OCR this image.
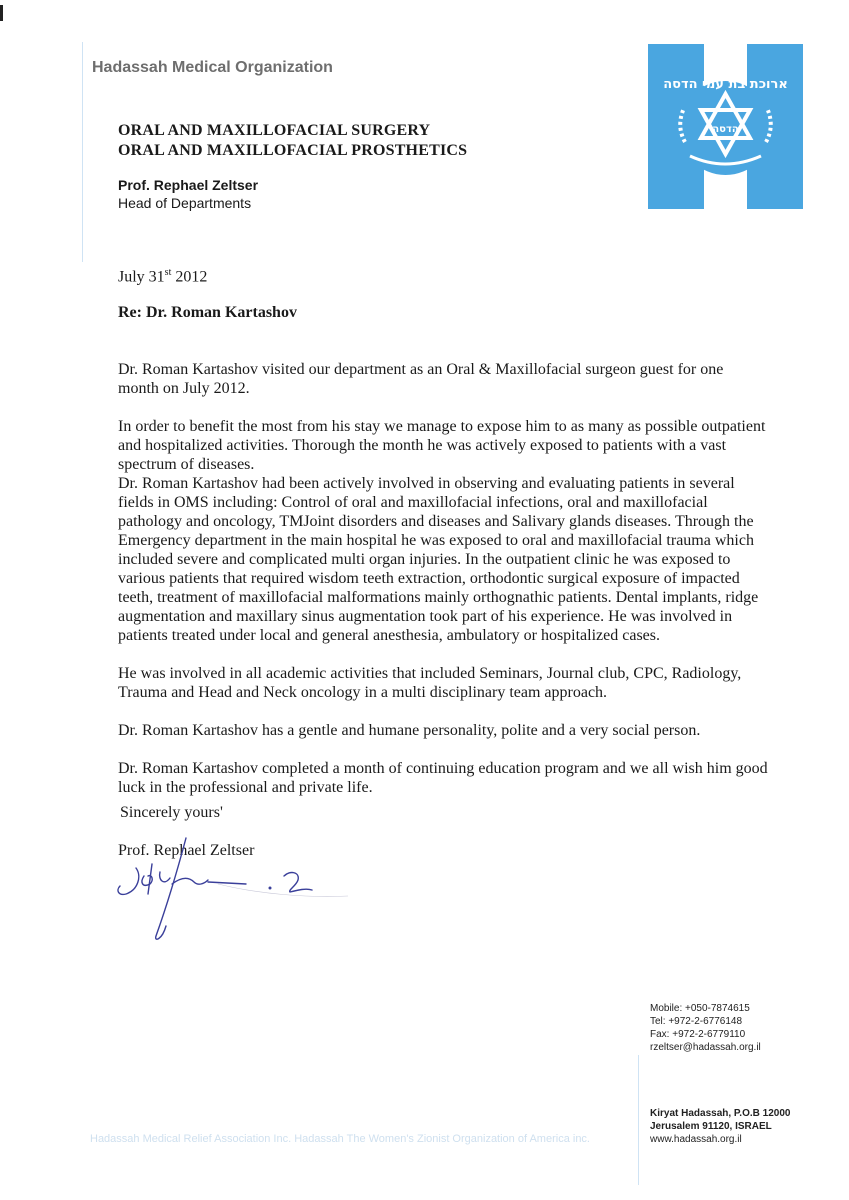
Hadassah Medical Organization
ORAL AND MAXILLOFACIAL SURGERY
ORAL AND MAXILLOFACIAL PROSTHETICS
Prof. Rephael Zeltser
Head of Departments
הדסה
ארוכת בת עמי הדסה
July 31st 2012
Re: Dr. Roman Kartashov

Dr. Roman Kartashov visited our department as an Oral & Maxillofacial surgeon guest for one month on July 2012.

In order to benefit the most from his stay we manage to expose him to as many as possible outpatient and hospitalized activities. Thorough the month he was actively exposed to patients with a vast spectrum of diseases.

Dr. Roman Kartashov had been actively involved in observing and evaluating patients in several fields in OMS including: Control of oral and maxillofacial infections, oral and maxillofacial pathology and oncology, TMJoint disorders and diseases and Salivary glands diseases. Through the Emergency department in the main hospital he was exposed to oral and maxillofacial trauma which included severe and complicated multi organ injuries. In the outpatient clinic he was exposed to various patients that required wisdom teeth extraction, orthodontic surgical exposure of impacted teeth, treatment of maxillofacial malformations mainly orthognathic patients. Dental implants, ridge augmentation and maxillary sinus augmentation took part of his experience. He was involved in patients treated under local and general anesthesia, ambulatory or hospitalized cases.

He was involved in all academic activities that included Seminars, Journal club, CPC, Radiology, Trauma and Head and Neck oncology in a multi disciplinary team approach.

Dr. Roman Kartashov has a gentle and humane personality, polite and a very social person.

Dr. Roman Kartashov completed a month of continuing education program and we all wish him good luck in the professional and private life.

Sincerely yours'
Prof. Rephael Zeltser
Mobile: +050-7874615
Tel: +972-2-6776148
Fax: +972-2-6779110
rzeltser@hadassah.org.il
Kiryat Hadassah, P.O.B 12000
Jerusalem 91120, ISRAEL
www.hadassah.org.il
Hadassah Medical Relief Association Inc. Hadassah The Women's Zionist Organization of America inc.
